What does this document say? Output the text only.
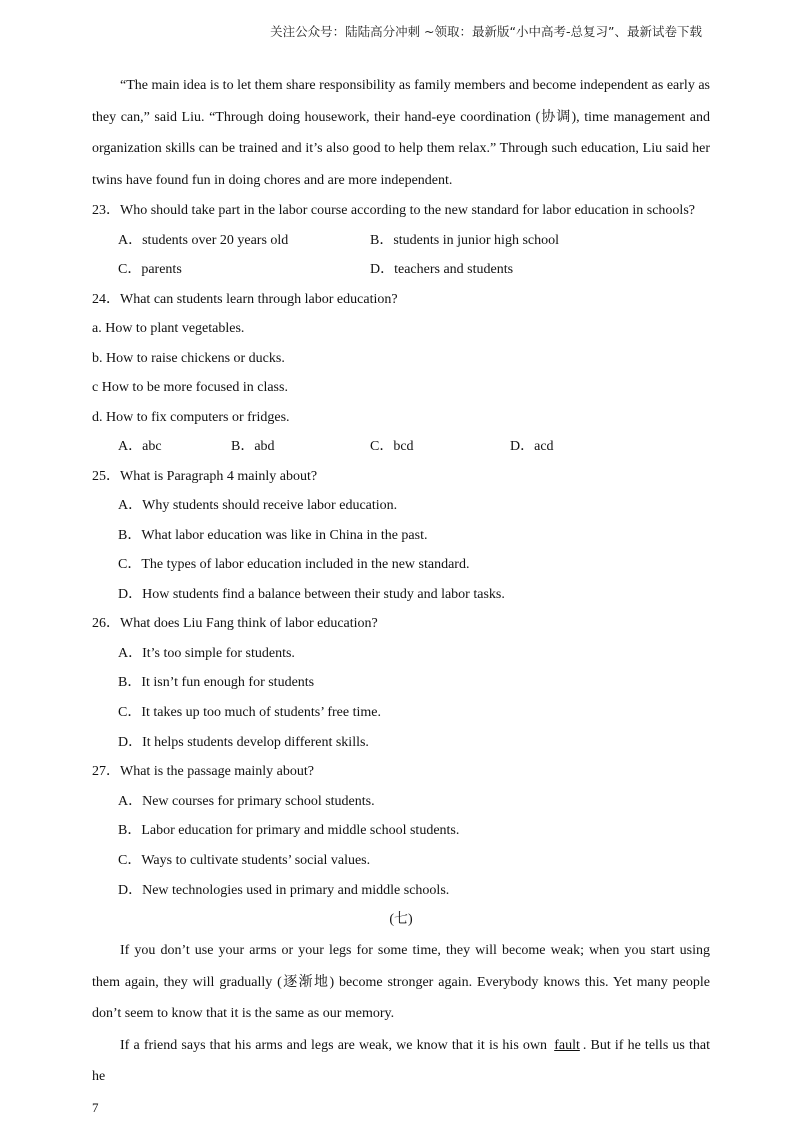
关注公众号：陆陆高分冲刺 ~领取：最新版“小中高考-总复习”、最新试卷下载

“The main idea is to let them share responsibility as family members and become independent as early as they can,” said Liu. “Through doing housework, their hand-eye coordination (协调), time management and organization skills can be trained and it’s also good to help them relax.” Through such education, Liu said her twins have found fun in doing chores and are more independent.

23．Who should take part in the labor course according to the new standard for labor education in schools?

A．students over 20 years old	B．students in junior high school
C．parents	D．teachers and students

24．What can students learn through labor education?

a. How to plant vegetables.

b. How to raise chickens or ducks.

c How to be more focused in class.

d. How to fix computers or fridges.

A．abc	B．abd	C．bcd	D．acd

25．What is Paragraph 4 mainly about?

A．Why students should receive labor education.
B．What labor education was like in China in the past.
C．The types of labor education included in the new standard.
D．How students find a balance between their study and labor tasks.

26．What does Liu Fang think of labor education?

A．It’s too simple for students.
B．It isn’t fun enough for students
C．It takes up too much of students’ free time.
D．It helps students develop different skills.

27．What is the passage mainly about?

A．New courses for primary school students.
B．Labor education for primary and middle school students.
C．Ways to cultivate students’ social values.
D．New technologies used in primary and middle schools.
(七)

If you don’t use your arms or your legs for some time, they will become weak; when you start using them again, they will gradually (逐渐地) become stronger again. Everybody knows this. Yet many people don’t seem to know that it is the same as our memory.

If a friend says that his arms and legs are weak, we know that it is his own fault . But if he tells us that he

7
